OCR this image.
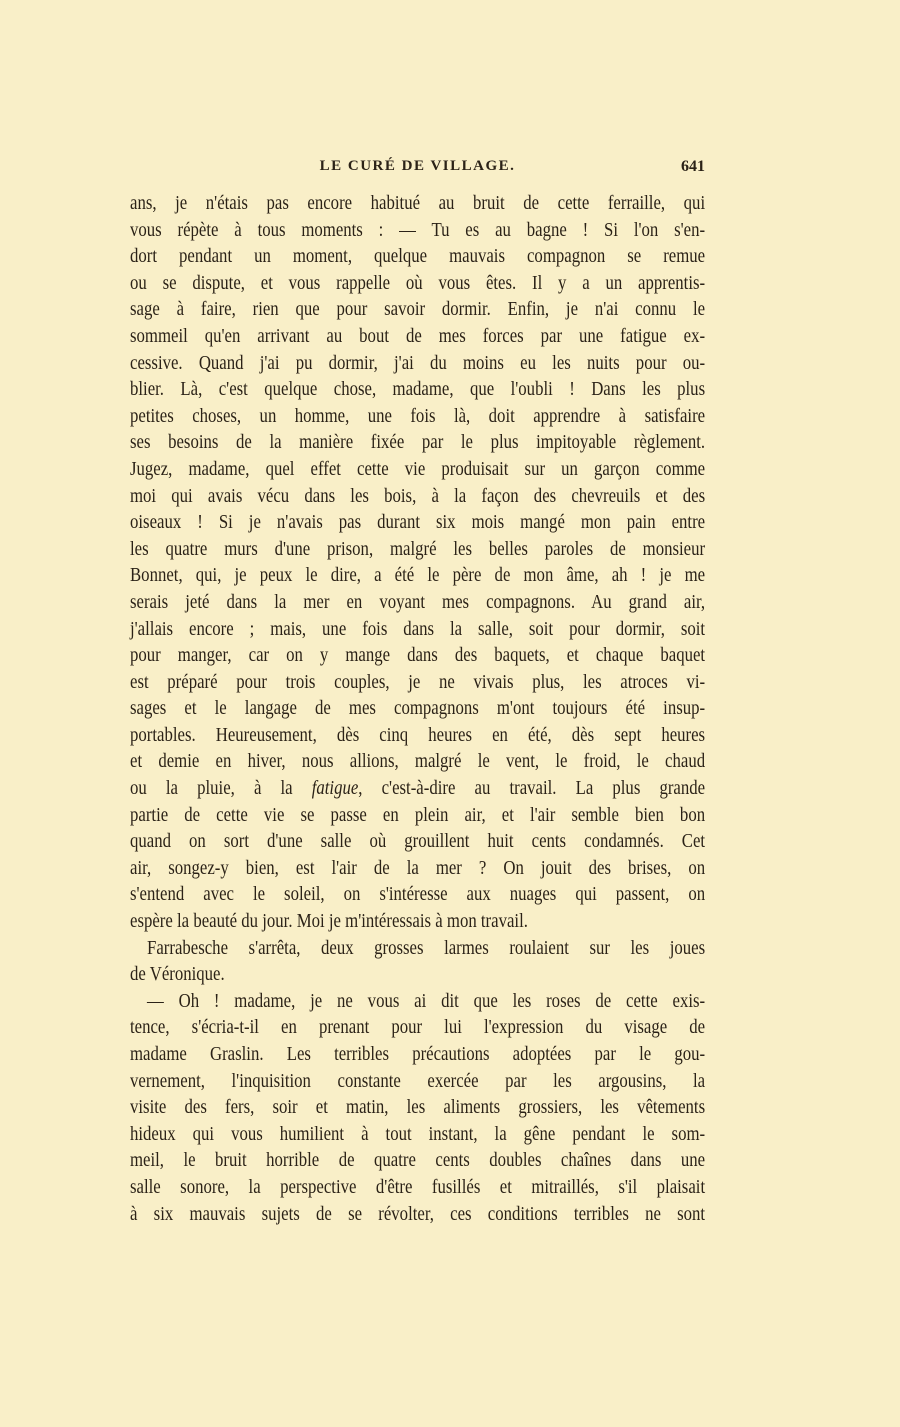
LE CURÉ DE VILLAGE.	641
ans, je n'étais pas encore habitué au bruit de cette ferraille, qui
vous répète à tous moments : — Tu es au bagne ! Si l'on s'en-
dort pendant un moment, quelque mauvais compagnon se remue
ou se dispute, et vous rappelle où vous êtes. Il y a un apprentis-
sage à faire, rien que pour savoir dormir. Enfin, je n'ai connu le
sommeil qu'en arrivant au bout de mes forces par une fatigue ex-
cessive. Quand j'ai pu dormir, j'ai du moins eu les nuits pour ou-
blier. Là, c'est quelque chose, madame, que l'oubli ! Dans les plus
petites choses, un homme, une fois là, doit apprendre à satisfaire
ses besoins de la manière fixée par le plus impitoyable règlement.
Jugez, madame, quel effet cette vie produisait sur un garçon comme
moi qui avais vécu dans les bois, à la façon des chevreuils et des
oiseaux ! Si je n'avais pas durant six mois mangé mon pain entre
les quatre murs d'une prison, malgré les belles paroles de monsieur
Bonnet, qui, je peux le dire, a été le père de mon âme, ah ! je me
serais jeté dans la mer en voyant mes compagnons. Au grand air,
j'allais encore ; mais, une fois dans la salle, soit pour dormir, soit
pour manger, car on y mange dans des baquets, et chaque baquet
est préparé pour trois couples, je ne vivais plus, les atroces vi-
sages et le langage de mes compagnons m'ont toujours été insup-
portables. Heureusement, dès cinq heures en été, dès sept heures
et demie en hiver, nous allions, malgré le vent, le froid, le chaud
ou la pluie, à la fatigue, c'est-à-dire au travail. La plus grande
partie de cette vie se passe en plein air, et l'air semble bien bon
quand on sort d'une salle où grouillent huit cents condamnés. Cet
air, songez-y bien, est l'air de la mer ? On jouit des brises, on
s'entend avec le soleil, on s'intéresse aux nuages qui passent, on
espère la beauté du jour. Moi je m'intéressais à mon travail.
Farrabesche s'arrêta, deux grosses larmes roulaient sur les joues
de Véronique.
— Oh ! madame, je ne vous ai dit que les roses de cette exis-
tence, s'écria-t-il en prenant pour lui l'expression du visage de
madame Graslin. Les terribles précautions adoptées par le gou-
vernement, l'inquisition constante exercée par les argousins, la
visite des fers, soir et matin, les aliments grossiers, les vêtements
hideux qui vous humilient à tout instant, la gêne pendant le som-
meil, le bruit horrible de quatre cents doubles chaînes dans une
salle sonore, la perspective d'être fusillés et mitraillés, s'il plaisait
à six mauvais sujets de se révolter, ces conditions terribles ne sont
